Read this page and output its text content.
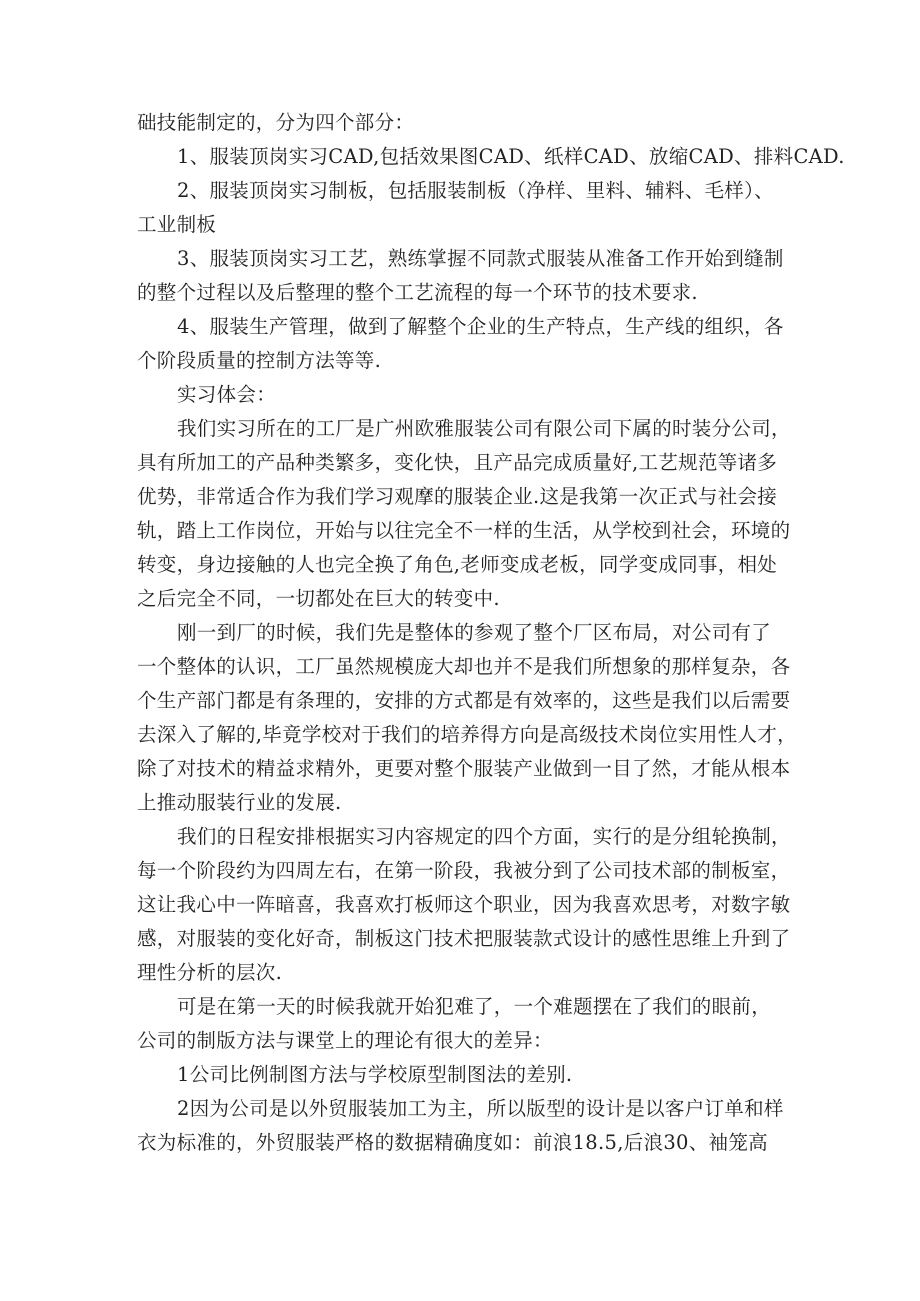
础技能制定的，分为四个部分：
1、服装顶岗实习CAD,包括效果图CAD、纸样CAD、放缩CAD、排料CAD.
2、服装顶岗实习制板，包括服装制板（净样、里料、辅料、毛样）、
工业制板
3、服装顶岗实习工艺，熟练掌握不同款式服装从准备工作开始到缝制
的整个过程以及后整理的整个工艺流程的每一个环节的技术要求.
4、服装生产管理，做到了解整个企业的生产特点，生产线的组织，各
个阶段质量的控制方法等等.
实习体会：
我们实习所在的工厂是广州欧雅服装公司有限公司下属的时装分公司，
具有所加工的产品种类繁多，变化快，且产品完成质量好,工艺规范等诸多
优势，非常适合作为我们学习观摩的服装企业.这是我第一次正式与社会接
轨，踏上工作岗位，开始与以往完全不一样的生活，从学校到社会，环境的
转变，身边接触的人也完全换了角色,老师变成老板，同学变成同事，相处
之后完全不同，一切都处在巨大的转变中.
刚一到厂的时候，我们先是整体的参观了整个厂区布局，对公司有了
一个整体的认识，工厂虽然规模庞大却也并不是我们所想象的那样复杂，各
个生产部门都是有条理的，安排的方式都是有效率的，这些是我们以后需要
去深入了解的,毕竟学校对于我们的培养得方向是高级技术岗位实用性人才，
除了对技术的精益求精外，更要对整个服装产业做到一目了然，才能从根本
上推动服装行业的发展.
我们的日程安排根据实习内容规定的四个方面，实行的是分组轮换制，
每一个阶段约为四周左右，在第一阶段，我被分到了公司技术部的制板室，
这让我心中一阵暗喜，我喜欢打板师这个职业，因为我喜欢思考，对数字敏
感，对服装的变化好奇，制板这门技术把服装款式设计的感性思维上升到了
理性分析的层次.
可是在第一天的时候我就开始犯难了，一个难题摆在了我们的眼前，
公司的制版方法与课堂上的理论有很大的差异：
1公司比例制图方法与学校原型制图法的差别.
2因为公司是以外贸服装加工为主，所以版型的设计是以客户订单和样
衣为标准的，外贸服装严格的数据精确度如：前浪18.5,后浪30、袖笼高
